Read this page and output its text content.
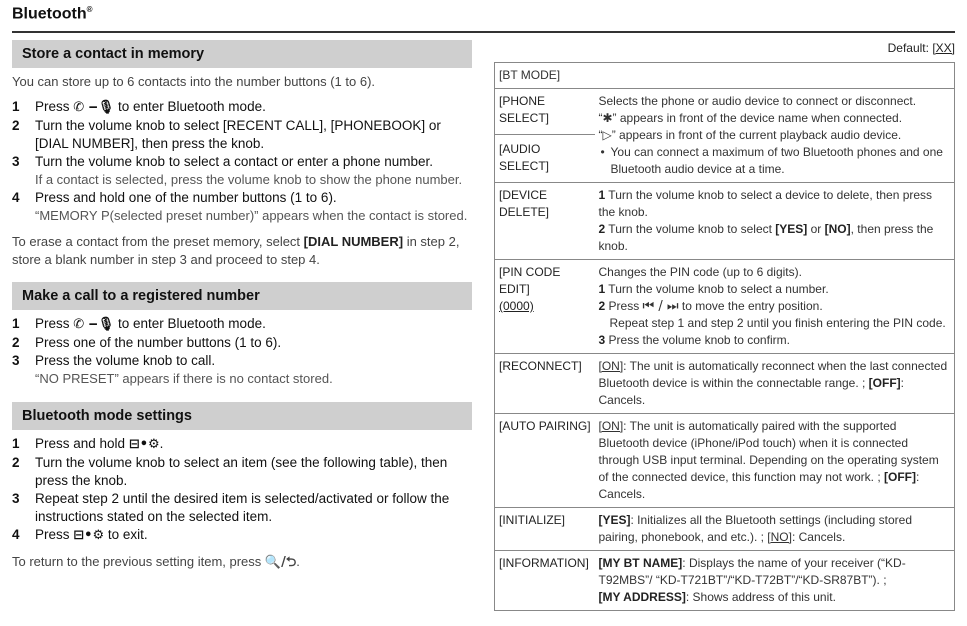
Bluetooth®
Store a contact in memory
You can store up to 6 contacts into the number buttons (1 to 6).
1 Press ✆ ‒🎙 to enter Bluetooth mode.
2 Turn the volume knob to select [RECENT CALL], [PHONEBOOK] or [DIAL NUMBER], then press the knob.
3 Turn the volume knob to select a contact or enter a phone number.
If a contact is selected, press the volume knob to show the phone number.
4 Press and hold one of the number buttons (1 to 6).
“MEMORY P(selected preset number)” appears when the contact is stored.
To erase a contact from the preset memory, select [DIAL NUMBER] in step 2, store a blank number in step 3 and proceed to step 4.
Make a call to a registered number
1 Press ✆ ‒🎙 to enter Bluetooth mode.
2 Press one of the number buttons (1 to 6).
3 Press the volume knob to call.
“NO PRESET” appears if there is no contact stored.
Bluetooth mode settings
1 Press and hold ⊟•⚙.
2 Turn the volume knob to select an item (see the following table), then press the knob.
3 Repeat step 2 until the desired item is selected/activated or follow the instructions stated on the selected item.
4 Press ⊟•⚙ to exit.
To return to the previous setting item, press 🔍/⮌.
Default: [XX]
[BT MODE]	
[PHONE SELECT]	Selects the phone or audio device to connect or disconnect.
“✱” appears in front of the device name when connected.
“▷” appears in front of the current playback audio device.
• You can connect a maximum of two Bluetooth phones and one Bluetooth audio device at a time.

[AUDIO SELECT]	
[DEVICE DELETE]	1 Turn the volume knob to select a device to delete, then press the knob.
2 Turn the volume knob to select [YES] or [NO], then press the knob.

[PIN CODE EDIT]
(0000)	Changes the PIN code (up to 6 digits).
1 Turn the volume knob to select a number.
2 Press ⏮ / ⏭ to move the entry position.
Repeat step 1 and step 2 until you finish entering the PIN code.
3 Press the volume knob to confirm.

[RECONNECT]	[ON]: The unit is automatically reconnect when the last connected Bluetooth device is within the connectable range. ; [OFF]: Cancels.
[AUTO PAIRING]	[ON]: The unit is automatically paired with the supported Bluetooth device (iPhone/iPod touch) when it is connected through USB input terminal. Depending on the operating system of the connected device, this function may not work. ; [OFF]: Cancels.
[INITIALIZE]	[YES]: Initializes all the Bluetooth settings (including stored pairing, phonebook, and etc.). ; [NO]: Cancels.
[INFORMATION]	[MY BT NAME]: Displays the name of your receiver (“KD-T92MBS”/ “KD-T721BT”/“KD-T72BT”/“KD-SR87BT”). ;
[MY ADDRESS]: Shows address of this unit.
